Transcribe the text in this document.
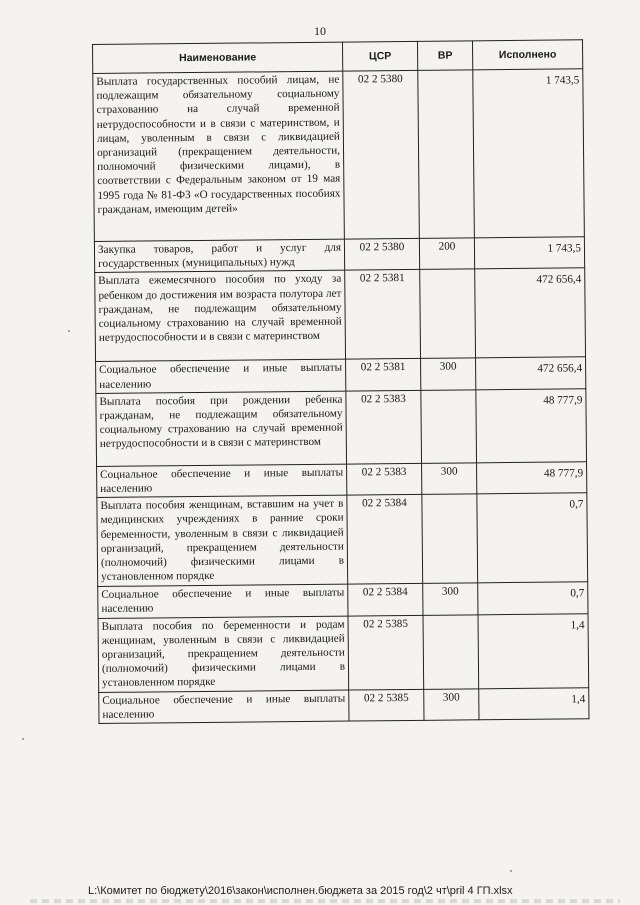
10
Наименование	ЦСР	ВР	Исполнено
Выплата государственных пособий лицам, не подлежащим обязательному социальному страхованию на случай временной нетрудоспособности и в связи с материнством, и лицам, уволенным в связи с ликвидацией организаций (прекращением деятельности, полномочий физическими лицами), в соответствии с Федеральным законом от 19 мая 1995 года № 81-ФЗ «О государственных пособиях гражданам, имеющим детей»	02 2 5380		1 743,5
Закупка товаров, работ и услуг для государственных (муниципальных) нужд	02 2 5380	200	1 743,5
Выплата ежемесячного пособия по уходу за ребенком до достижения им возраста полутора лет гражданам, не подлежащим обязательному социальному страхованию на случай временной нетрудоспособности и в связи с материнством	02 2 5381		472 656,4
Социальное обеспечение и иные выплаты населению	02 2 5381	300	472 656,4
Выплата пособия при рождении ребенка гражданам, не подлежащим обязательному социальному страхованию на случай временной нетрудоспособности и в связи с материнством	02 2 5383		48 777,9
Социальное обеспечение и иные выплаты населению	02 2 5383	300	48 777,9
Выплата пособия женщинам, вставшим на учет в медицинских учреждениях в ранние сроки беременности, уволенным в связи с ликвидацией организаций, прекращением деятельности (полномочий) физическими лицами в установленном порядке	02 2 5384		0,7
Социальное обеспечение и иные выплаты населению	02 2 5384	300	0,7
Выплата пособия по беременности и родам женщинам, уволенным в связи с ликвидацией организаций, прекращением деятельности (полномочий) физическими лицами в установленном порядке	02 2 5385		1,4
Социальное обеспечение и иные выплаты населению	02 2 5385	300	1,4
L:\Комитет по бюджету\2016\закон\исполнен.бюджета за 2015 год\2 чт\pril 4 ГП.xlsx
